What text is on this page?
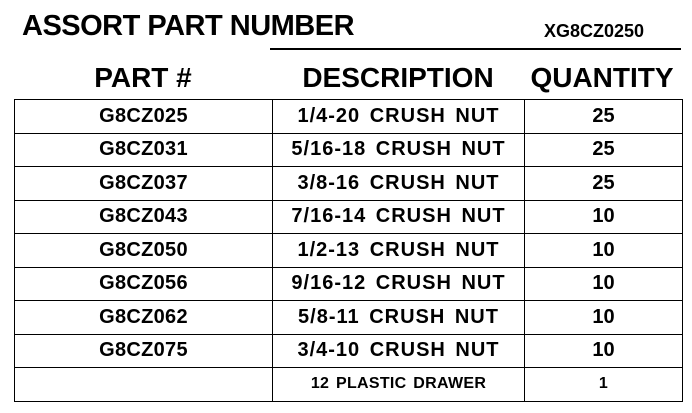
ASSORT PART NUMBER	XG8CZ0250
PART #	DESCRIPTION	QUANTITY
G8CZ025	1/4-20 CRUSH NUT	25
G8CZ031	5/16-18 CRUSH NUT	25
G8CZ037	3/8-16 CRUSH NUT	25
G8CZ043	7/16-14 CRUSH NUT	10
G8CZ050	1/2-13 CRUSH NUT	10
G8CZ056	9/16-12 CRUSH NUT	10
G8CZ062	5/8-11 CRUSH NUT	10
G8CZ075	3/4-10 CRUSH NUT	10
	12 PLASTIC DRAWER	1
